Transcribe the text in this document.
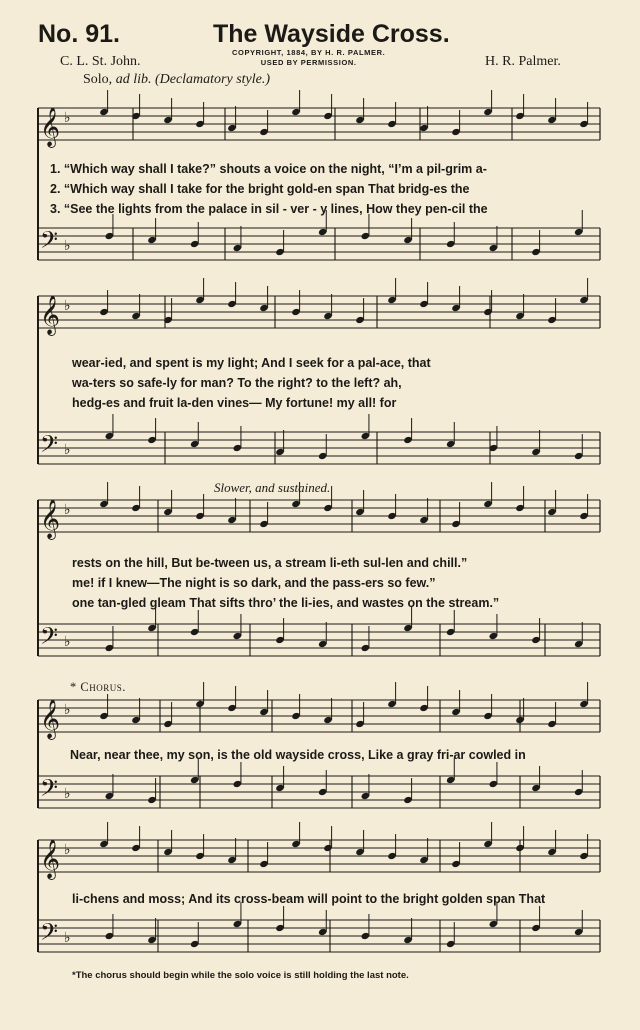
No. 91.	The Wayside Cross.
C. L. St. John.
COPYRIGHT, 1884, BY H. R. PALMER.
USED BY PERMISSION.	H. R. Palmer.
Solo, ad lib. (Declamatory style.)
𝄞 ♭
𝄢 ♭
𝄞 ♭
𝄢 ♭
𝄞 ♭
𝄢 ♭
𝄞 ♭
𝄢 ♭
𝄞 ♭
𝄢 ♭
1. “Which way shall I take?” shouts a voice on the night, “I’m a pil-grim a-
2. “Which way shall I take for the bright gold-en span That bridg-es the
3. “See the lights from the palace in sil - ver - y lines, How they pen-cil the
wear-ied, and spent is my light; And I seek for a pal-ace, that
wa-ters so safe-ly for man? To the right? to the left? ah,
hedg-es and fruit la-den vines— My fortune! my all! for
Slower, and sustained.
rests on the hill, But be-tween us, a stream li-eth sul-len and chill.”
me! if I knew—The night is so dark, and the pass-ers so few.”
one tan-gled gleam That sifts thro’ the li-ies, and wastes on the stream.”
* Chorus.
Near, near thee, my son, is the old wayside cross, Like a gray fri-ar cowled in
li-chens and moss; And its cross-beam will point to the bright golden span That
*The chorus should begin while the solo voice is still holding the last note.
